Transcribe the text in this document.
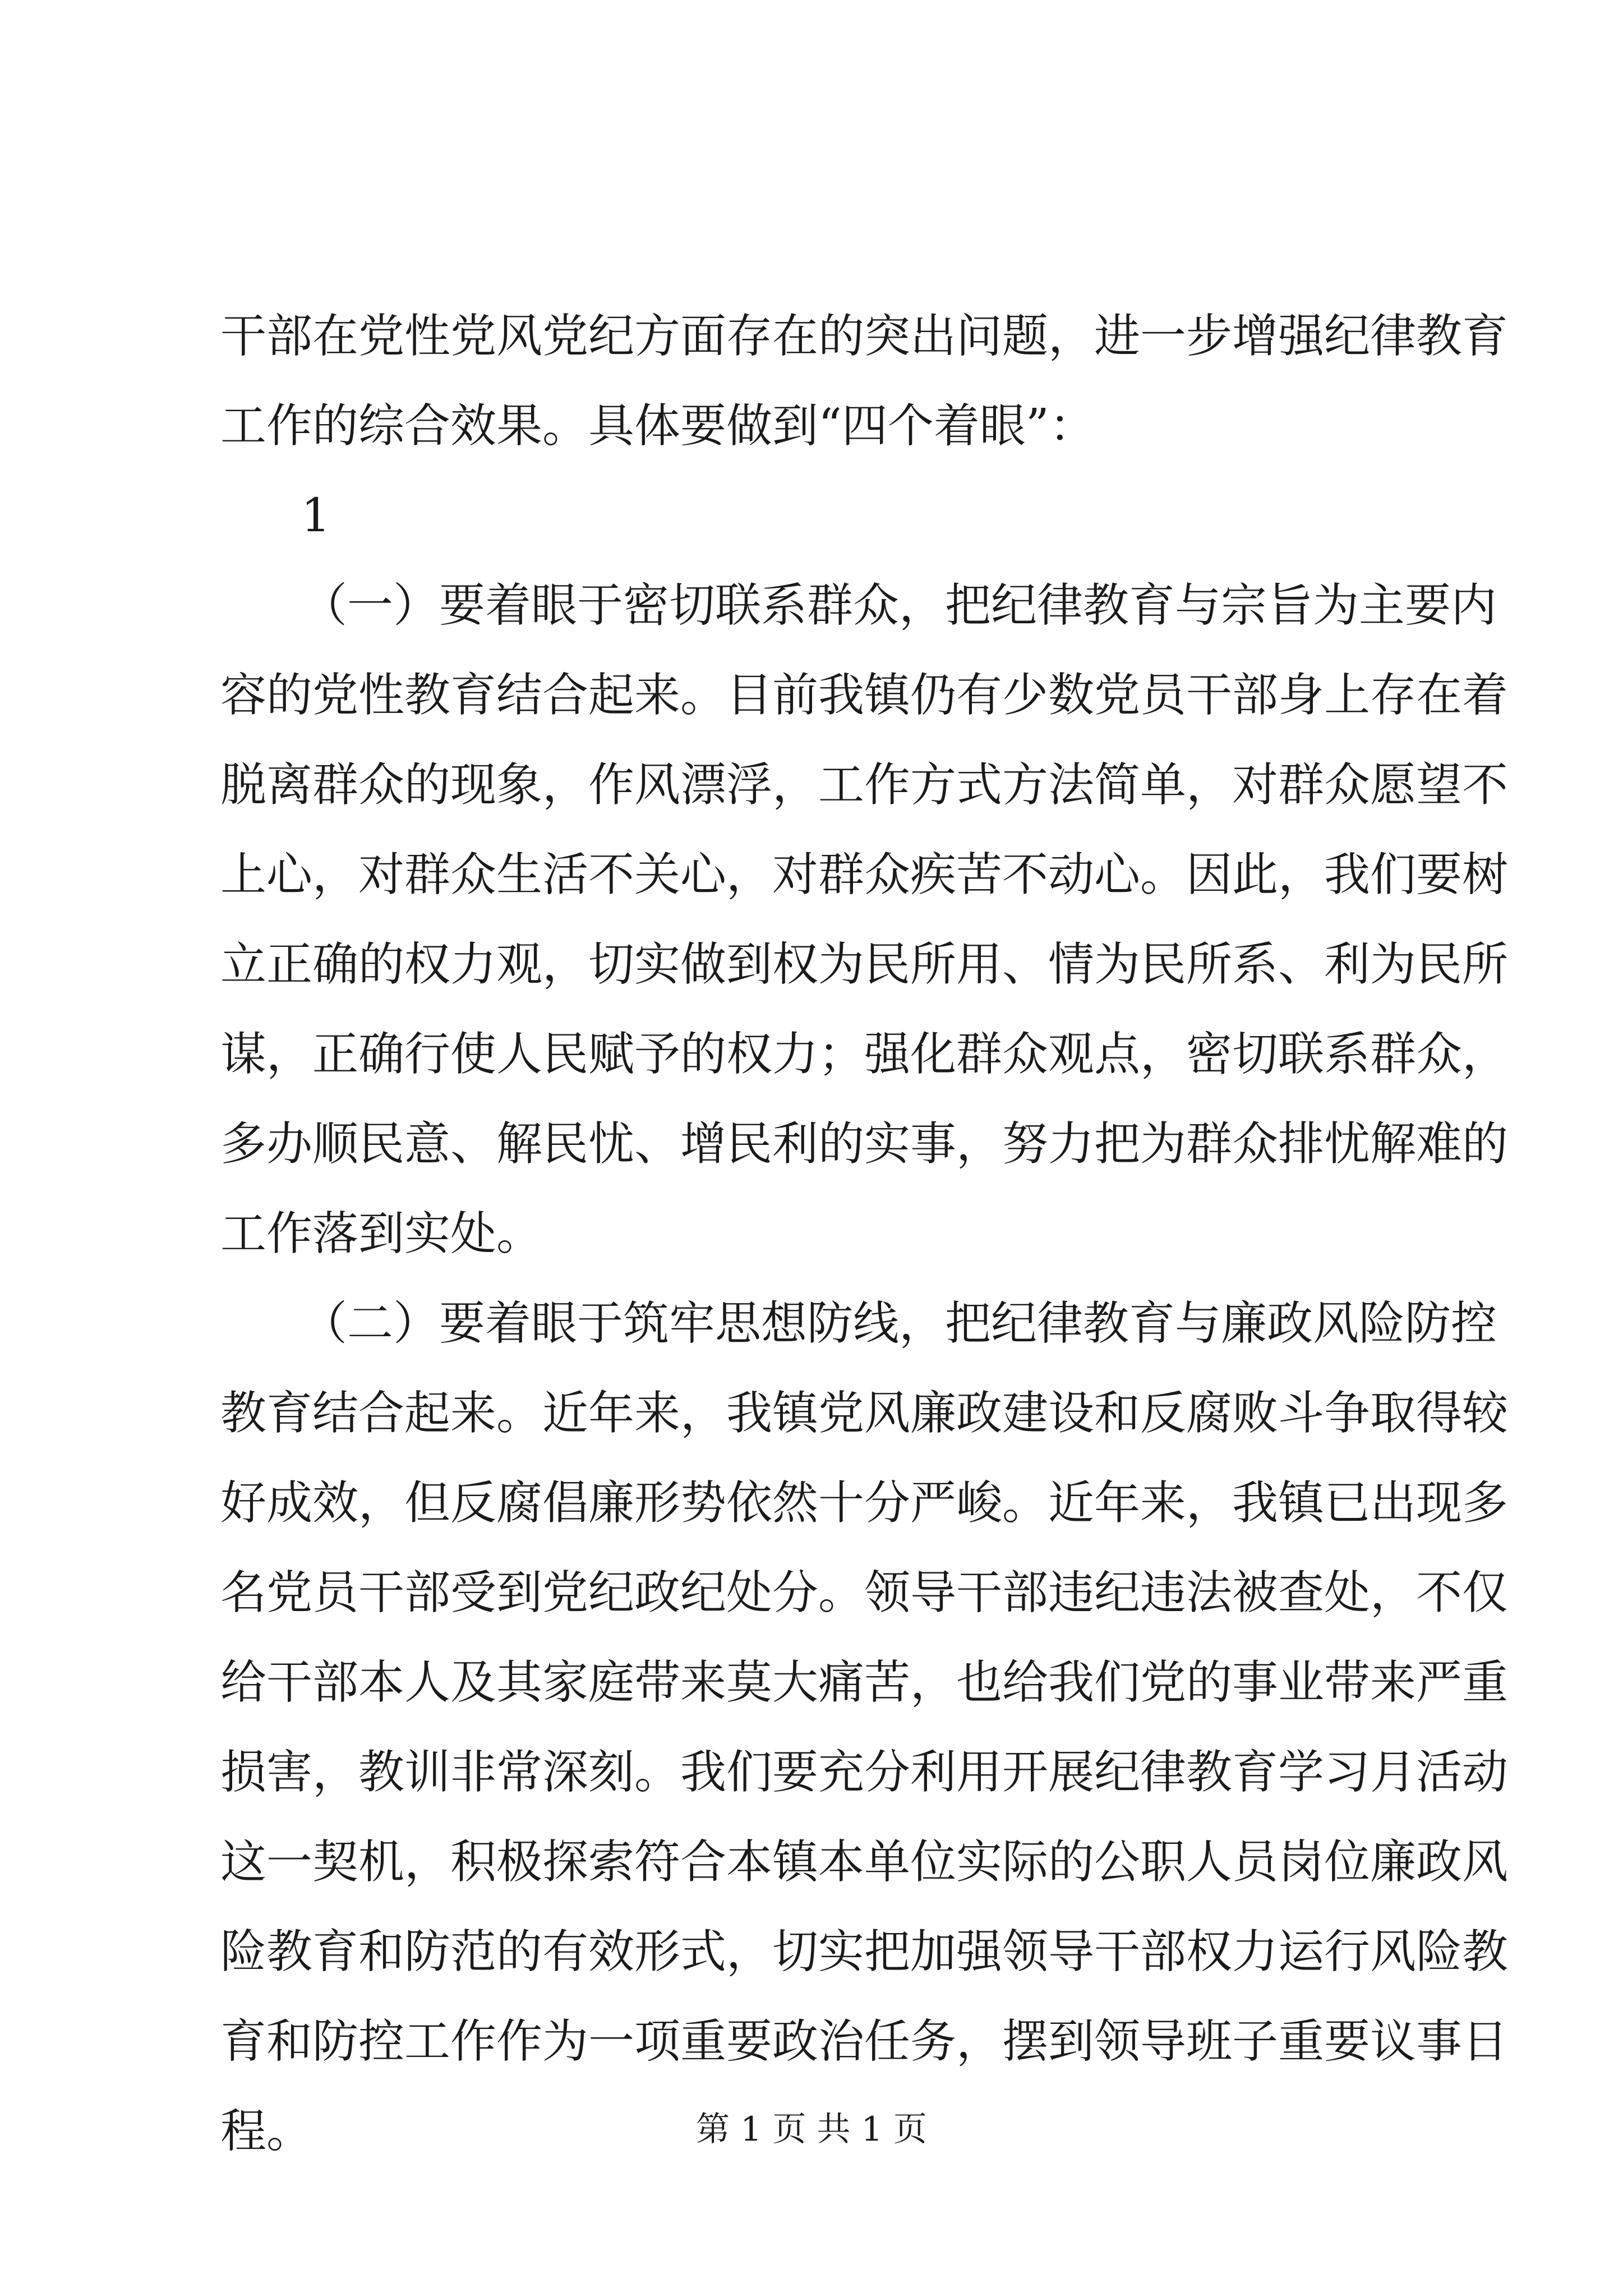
干部在党性党风党纪方面存在的突出问题，进一步增强纪律教育
工作的综合效果。具体要做到“四个着眼”：
1
（一）要着眼于密切联系群众，把纪律教育与宗旨为主要内
容的党性教育结合起来。目前我镇仍有少数党员干部身上存在着
脱离群众的现象，作风漂浮，工作方式方法简单，对群众愿望不
上心，对群众生活不关心，对群众疾苦不动心。因此，我们要树
立正确的权力观，切实做到权为民所用、情为民所系、利为民所
谋，正确行使人民赋予的权力；强化群众观点，密切联系群众，
多办顺民意、解民忧、增民利的实事，努力把为群众排忧解难的
工作落到实处。
（二）要着眼于筑牢思想防线，把纪律教育与廉政风险防控
教育结合起来。近年来，我镇党风廉政建设和反腐败斗争取得较
好成效，但反腐倡廉形势依然十分严峻。近年来，我镇已出现多
名党员干部受到党纪政纪处分。领导干部违纪违法被查处，不仅
给干部本人及其家庭带来莫大痛苦，也给我们党的事业带来严重
损害，教训非常深刻。我们要充分利用开展纪律教育学习月活动
这一契机，积极探索符合本镇本单位实际的公职人员岗位廉政风
险教育和防范的有效形式，切实把加强领导干部权力运行风险教
育和防控工作作为一项重要政治任务，摆到领导班子重要议事日
程。	第 1 页 共 1 页
